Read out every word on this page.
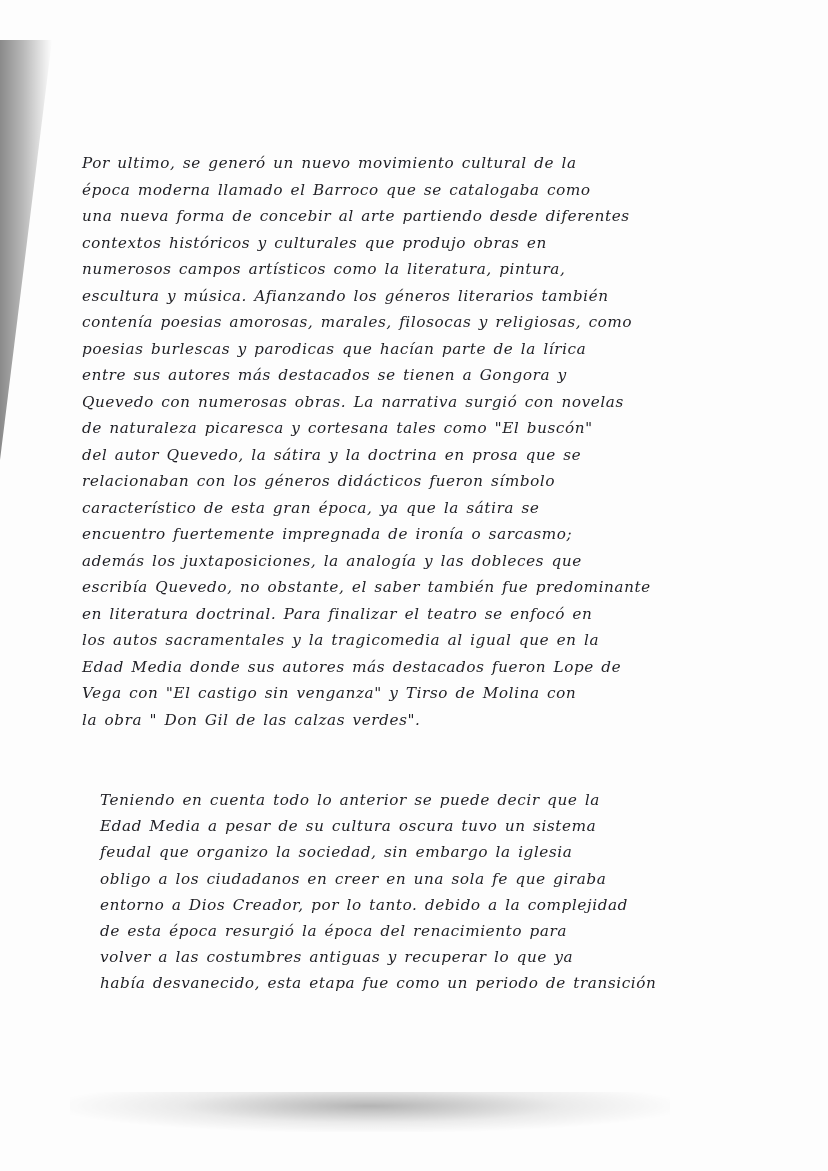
Por ultimo, se generó un nuevo movimiento cultural de la
época moderna llamado el Barroco que se catalogaba como
una nueva forma de concebir al arte partiendo desde diferentes
contextos históricos y culturales que produjo obras en
numerosos campos artísticos como la literatura, pintura,
escultura y música. Afianzando los géneros literarios también
contenía poesias amorosas, marales, filosocas y religiosas, como
poesias burlescas y parodicas que hacían parte de la lírica
entre sus autores más destacados se tienen a Gongora y
Quevedo con numerosas obras. La narrativa surgió con novelas
de naturaleza picaresca y cortesana tales como "El buscón"
del autor Quevedo, la sátira y la doctrina en prosa que se
relacionaban con los géneros didácticos fueron símbolo
característico de esta gran época, ya que la sátira se
encuentro fuertemente impregnada de ironía o sarcasmo;
además los juxtaposiciones, la analogía y las dobleces que
escribía Quevedo, no obstante, el saber también fue predominante
en literatura doctrinal. Para finalizar el teatro se enfocó en
los autos sacramentales y la tragicomedia al igual que en la
Edad Media donde sus autores más destacados fueron Lope de
Vega con "El castigo sin venganza" y Tirso de Molina con
la obra " Don Gil de las calzas verdes".
Teniendo en cuenta todo lo anterior se puede decir que la
Edad Media a pesar de su cultura oscura tuvo un sistema
feudal que organizo la sociedad, sin embargo la iglesia
obligo a los ciudadanos en creer en una sola fe que giraba
entorno a Dios Creador, por lo tanto. debido a la complejidad
de esta época resurgió la época del renacimiento para
volver a las costumbres antiguas y recuperar lo que ya
había desvanecido, esta etapa fue como un periodo de transición
